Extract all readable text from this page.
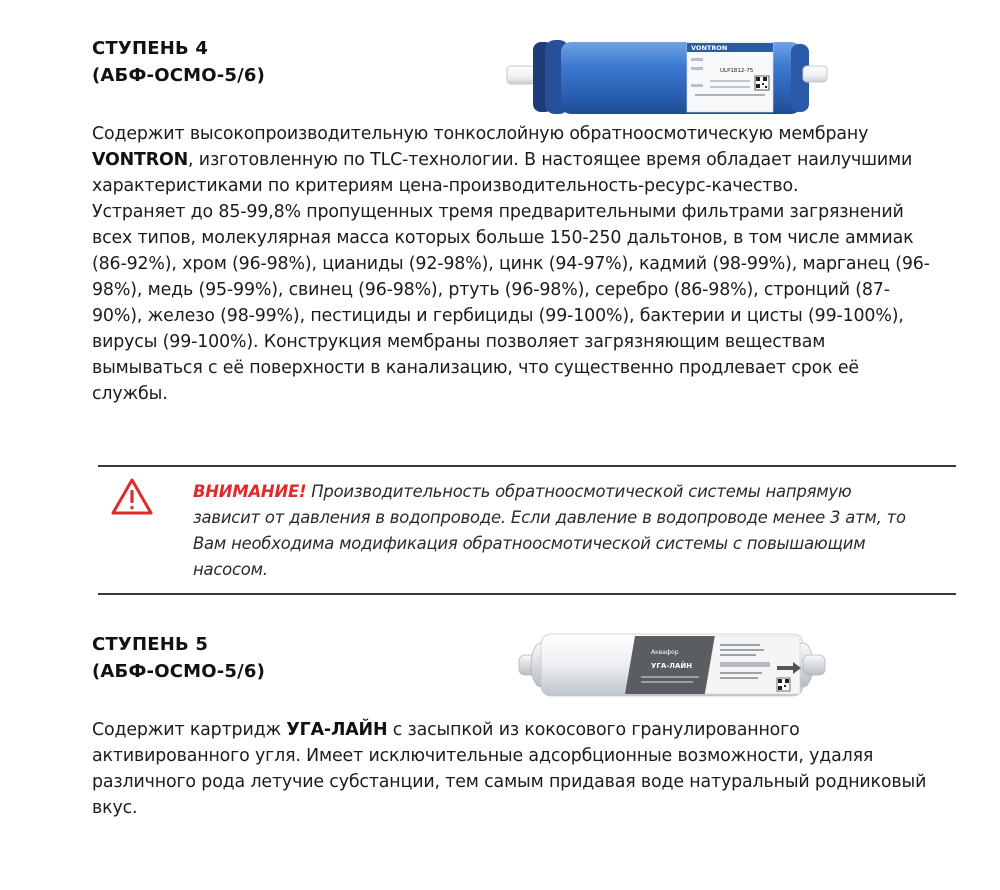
СТУПЕНЬ 4
(АБФ-ОСМО-5/6)
VONTRON
ULP1812-75

Содержит высокопроизводительную тонкослойную обратноосмотическую мембрану VONTRON, изготовленную по TLC-технологии. В настоящее время обладает наилучшими характеристиками по критериям цена-производительность-ресурс-качество.

Устраняет до 85-99,8% пропущенных тремя предварительными фильтрами загрязнений всех типов, молекулярная масса которых больше 150-250 дальтонов, в том числе аммиак (86-92%), хром (96-98%), цианиды (92-98%), цинк (94-97%), кадмий (98-99%), марганец (96-98%), медь (95-99%), свинец (96-98%), ртуть (96-98%), серебро (86-98%), стронций (87-90%), железо (98-99%), пестициды и гербициды (99-100%), бактерии и цисты (99-100%), вирусы (99-100%). Конструкция мембраны позволяет загрязняющим веществам вымываться с её поверхности в канализацию, что существенно продлевает срок её службы.

ВНИМАНИЕ! Производительность обратноосмотической системы напрямую зависит от давления в водопроводе. Если давление в водопроводе менее 3 атм, то Вам необходима модификация обратноосмотической системы с повышающим насосом.
СТУПЕНЬ 5
(АБФ-ОСМО-5/6)
Аквафор
УГА-ЛАЙН

Содержит картридж УГА-ЛАЙН с засыпкой из кокосового гранулированного активированного угля. Имеет исключительные адсорбционные возможности, удаляя различного рода летучие субстанции, тем самым придавая воде натуральный родниковый вкус.
